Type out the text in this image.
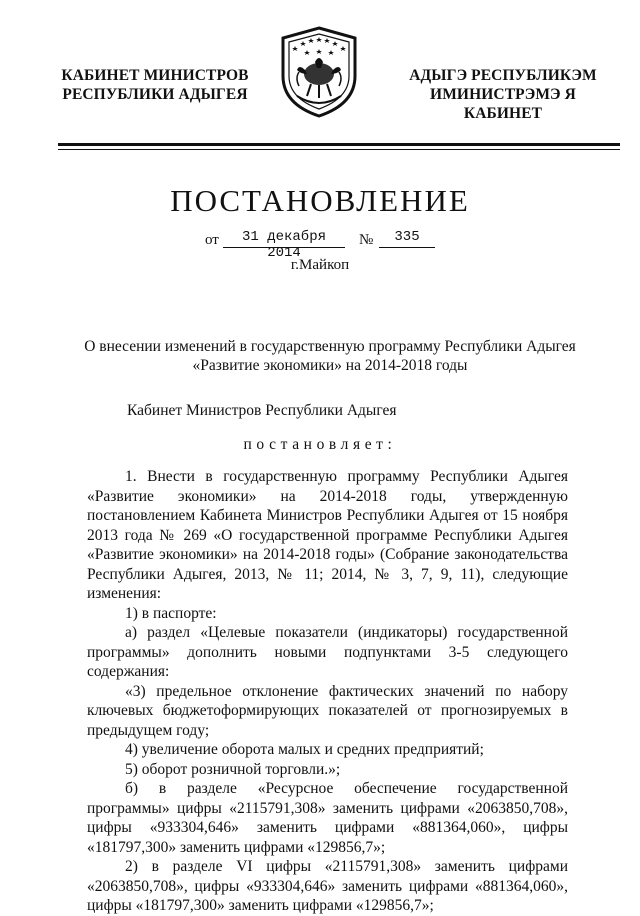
КАБИНЕТ МИНИСТРОВ
РЕСПУБЛИКИ АДЫГЕЯ
АДЫГЭ РЕСПУБЛИКЭМ
ИМИНИСТРЭМЭ Я КАБИНЕТ
ПОСТАНОВЛЕНИЕ
от	31 декабря 2014
№	335
г.Майкоп
О внесении изменений в государственную программу Республики Адыгея
«Развитие экономики» на 2014-2018 годы
Кабинет Министров Республики Адыгея
постановляет:

1. Внести в государственную программу Республики Адыгея «Развитие экономики» на 2014-2018 годы, утвержденную постановлением Кабинета Министров Республики Адыгея от 15 ноября 2013 года № 269 «О государственной программе Республики Адыгея «Развитие экономики» на 2014-2018 годы» (Собрание законодательства Республики Адыгея, 2013, № 11; 2014, № 3, 7, 9, 11), следующие изменения:

1) в паспорте:

а) раздел «Целевые показатели (индикаторы) государственной программы» дополнить новыми подпунктами 3-5 следующего содержания:

«3) предельное отклонение фактических значений по набору ключевых бюджетоформирующих показателей от прогнозируемых в предыдущем году;

4) увеличение оборота малых и средних предприятий;

5) оборот розничной торговли.»;

б) в разделе «Ресурсное обеспечение государственной программы» цифры «2115791,308» заменить цифрами «2063850,708», цифры «933304,646» заменить цифрами «881364,060», цифры «181797,300» заменить цифрами «129856,7»;

2) в разделе VI цифры «2115791,308» заменить цифрами «2063850,708», цифры «933304,646» заменить цифрами «881364,060», цифры «181797,300» заменить цифрами «129856,7»;
